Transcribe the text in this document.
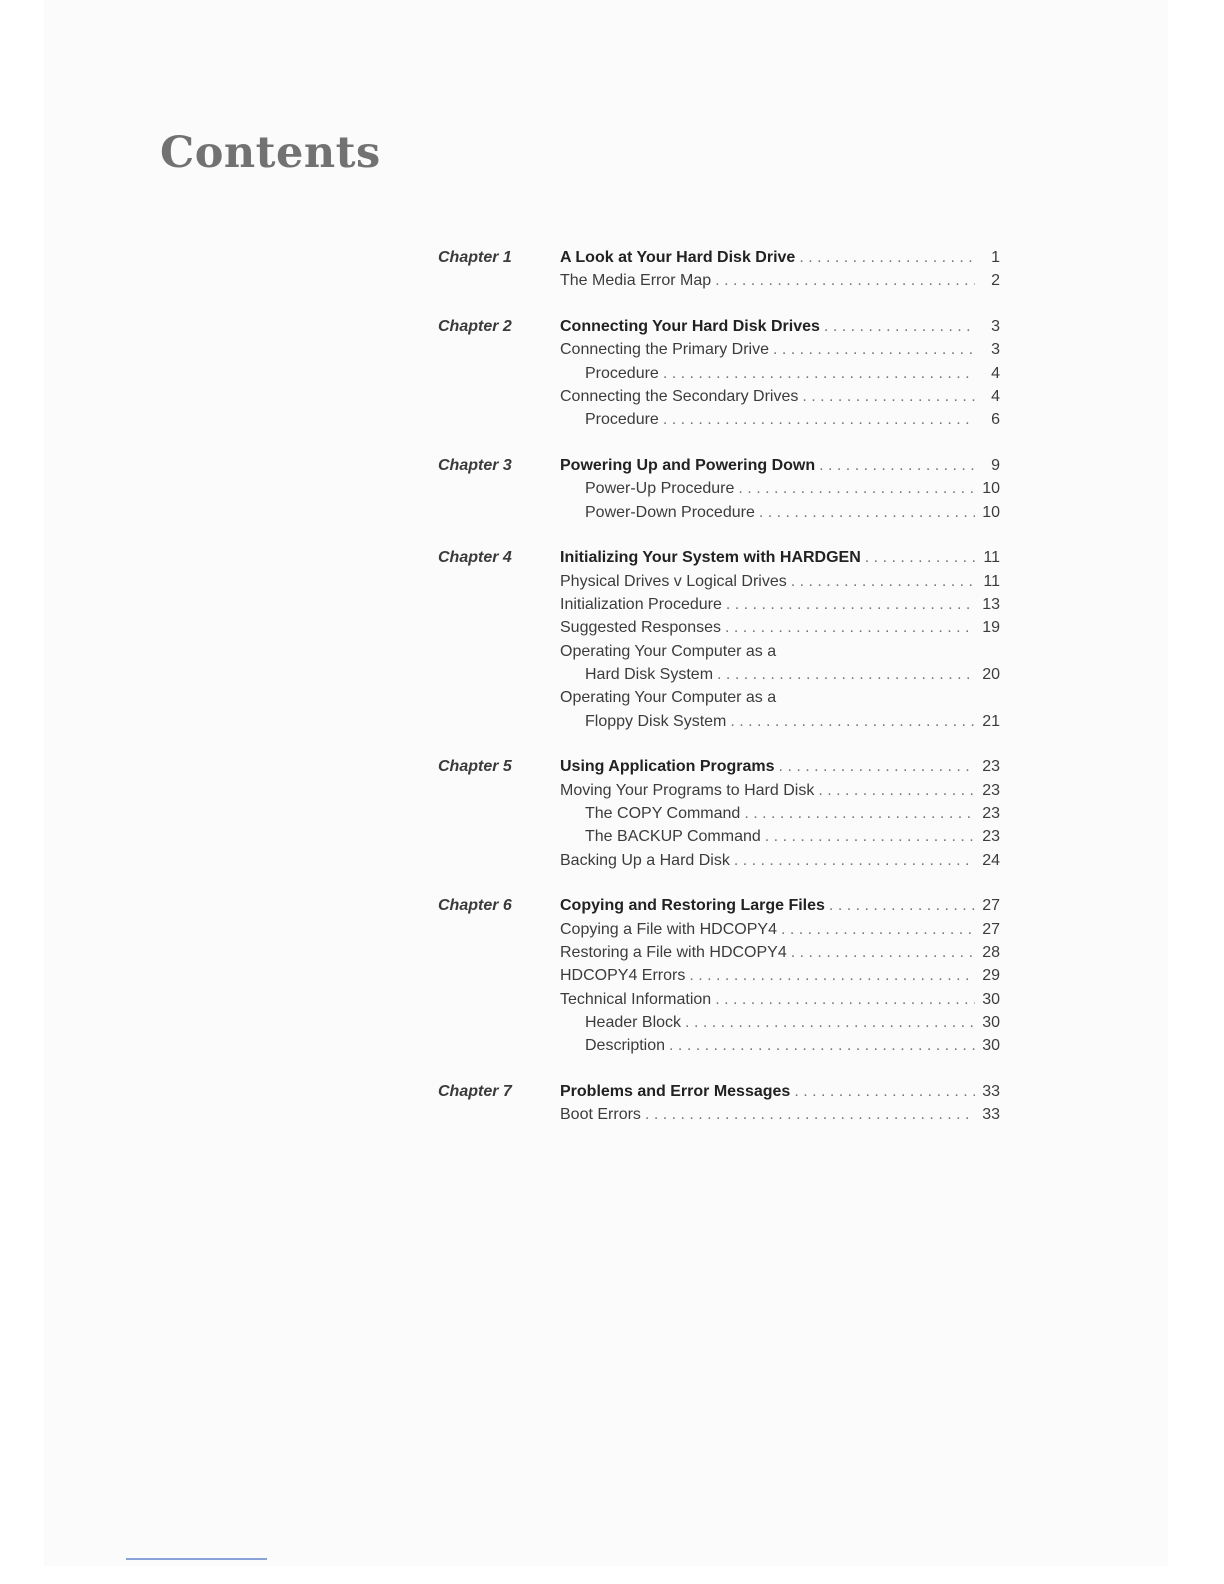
Contents
Chapter 1	A Look at Your Hard Disk Drive . . .	1
The Media Error Map . . .	2
Chapter 2	Connecting Your Hard Disk Drives . . .	3
Connecting the Primary Drive . . .	3
Procedure . . .	4
Connecting the Secondary Drives . . .	4
Procedure . . .	6
Chapter 3	Powering Up and Powering Down . . .	9
Power-Up Procedure . . .	10
Power-Down Procedure . . .	10
Chapter 4	Initializing Your System with HARDGEN . . .	11
Physical Drives v Logical Drives . . .	11
Initialization Procedure . . .	13
Suggested Responses . . .	19
Operating Your Computer as a
Hard Disk System . . .	20
Operating Your Computer as a
Floppy Disk System . . .	21
Chapter 5	Using Application Programs . . .	23
Moving Your Programs to Hard Disk . . .	23
The COPY Command . . .	23
The BACKUP Command . . .	23
Backing Up a Hard Disk . . .	24
Chapter 6	Copying and Restoring Large Files . . .	27
Copying a File with HDCOPY4 . . .	27
Restoring a File with HDCOPY4 . . .	28
HDCOPY4 Errors . . .	29
Technical Information . . .	30
Header Block . . .	30
Description . . .	30
Chapter 7	Problems and Error Messages . . .	33
Boot Errors . . .	33
